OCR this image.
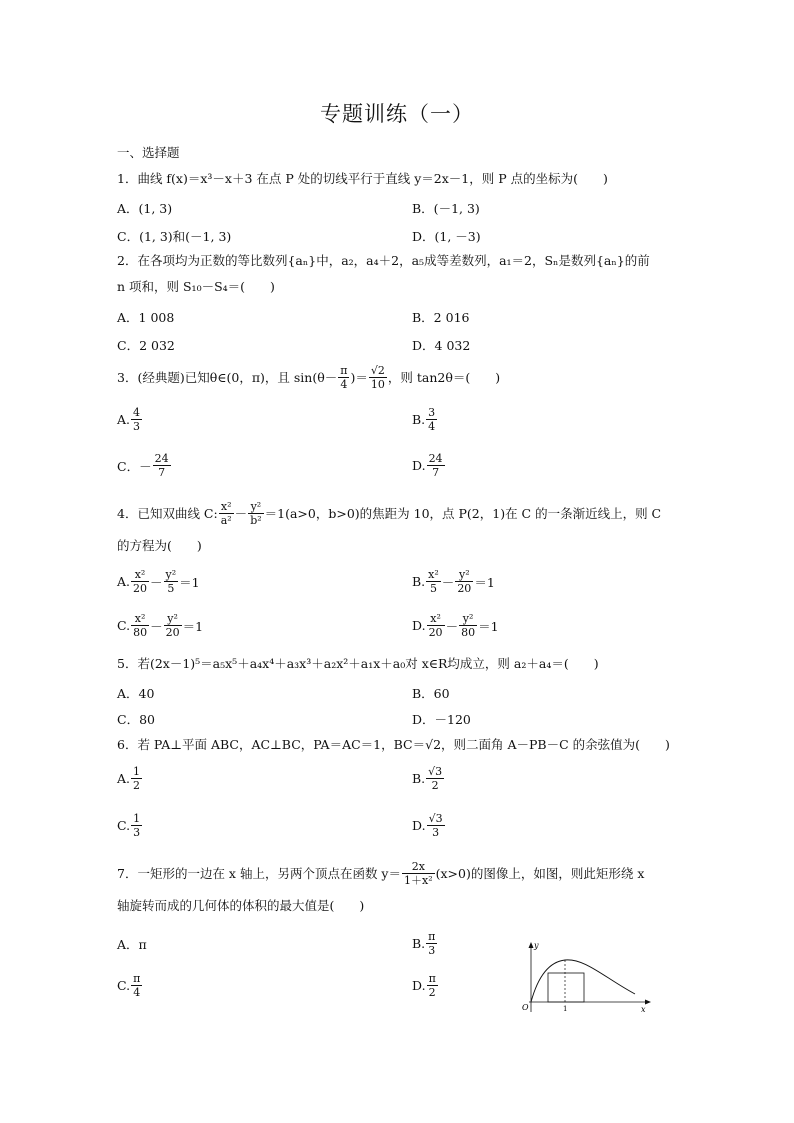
专题训练（一）
一、选择题
1．曲线 f(x)＝x³－x＋3 在点 P 处的切线平行于直线 y＝2x－1，则 P 点的坐标为(　　)
A．(1, 3)	B．(－1, 3)
C．(1, 3)和(－1, 3)	D．(1, －3)
2．在各项均为正数的等比数列{aₙ}中，a₂，a₄＋2，a₅成等差数列，a₁＝2，Sₙ是数列{aₙ}的前
n 项和，则 S₁₀－S₄＝(　　)
A．1 008	B．2 016
C．2 032	D．4 032
3．(经典题)已知θ∈(0，π)，且 $\sin(\theta- \frac{\pi}{4}$ )＝ $\frac{√2}{10}$ ，则 tan2θ＝(　　)
A. $\frac{4}{3}$	B. $\frac{3}{4}$
C．－ $\frac{24}{7}$	D. $\frac{24}{7}$
4．已知双曲线 C: $\frac{\text{x²}}{\text{a²}} - \frac{\text{y²}}{\text{b²}} =1(a>0$，b>0)的焦距为 10，点 P(2，1)在 C 的一条渐近线上，则 C
的方程为(　　)
A. $\frac{\text{x²}}{20} - \frac{\text{y²}}{5} =1$	B. $\frac{\text{x²}}{5} - \frac{\text{y²}}{20} =1$
C. $\frac{\text{x²}}{80} - \frac{\text{y²}}{20} =1$	D. $\frac{\text{x²}}{20} - \frac{\text{y²}}{80} =1$
5．若(2x－1)⁵＝a₅x⁵＋a₄x⁴＋a₃x³＋a₂x²＋a₁x＋a₀对 x∈R均成立，则 a₂＋a₄＝(　　)
A．40	B．60
C．80	D．－120
6．若 PA⊥平面 ABC，AC⊥BC，PA＝AC＝1，BC＝√2，则二面角 A－PB－C 的余弦值为(　　)
A. $\frac{1}{2}$	B. $\frac{√3}{2}$
C. $\frac{1}{3}$	D. $\frac{√3}{3}$
7．一矩形的一边在 x 轴上，另两个顶点在函数 $y= \frac{2x}{\text{1＋x²}} (x>0)$的图像上，如图，则此矩形绕 x
轴旋转而成的几何体的体积的最大值是(　　)
A．π	B. $\frac{\pi}{3}$
C. $\frac{\pi}{4}$	D. $\frac{\pi}{2}$
y
x
O	1
